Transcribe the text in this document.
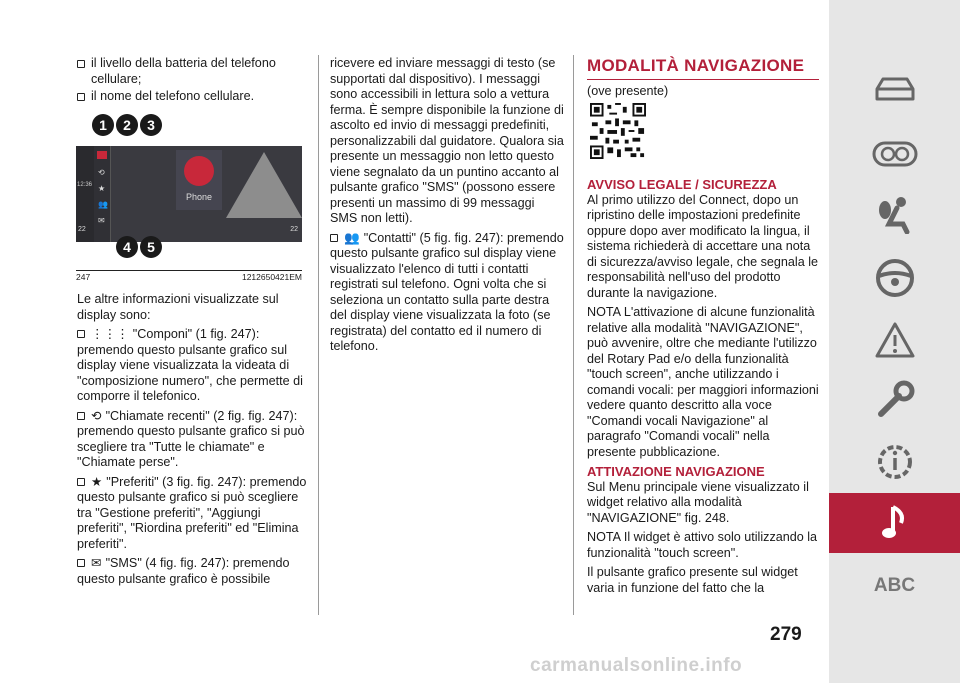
il livello della batteria del telefono cellulare;

il nome del telefono cellulare.

1	2	3
12:36
22
⟲
★
👥
✉
Phone
22
4	5
247	1212650421EM

Le altre informazioni visualizzate sul display sono:

⋮⋮⋮ "Componi" (1 fig. 247): premendo questo pulsante grafico sul display viene visualizzata la videata di "composizione numero", che permette di comporre il telefonico.

⟲ "Chiamate recenti" (2 fig. fig. 247): premendo questo pulsante grafico si può scegliere tra "Tutte le chiamate" e "Chiamate perse".

★ "Preferiti" (3 fig. fig. 247): premendo questo pulsante grafico si può scegliere tra "Gestione preferiti", "Aggiungi preferiti", "Riordina preferiti" ed "Elimina preferiti".

✉ "SMS" (4 fig. fig. 247): premendo questo pulsante grafico è possibile

ricevere ed inviare messaggi di testo (se supportati dal dispositivo). I messaggi sono accessibili in lettura solo a vettura ferma. È sempre disponibile la funzione di ascolto ed invio di messaggi predefiniti, personalizzabili dal guidatore. Qualora sia presente un messaggio non letto questo viene segnalato da un puntino accanto al pulsante grafico "SMS" (possono essere presenti un massimo di 99 messaggi SMS non letti).

👥 "Contatti" (5 fig. fig. 247): premendo questo pulsante grafico sul display viene visualizzato l'elenco di tutti i contatti registrati sul telefono. Ogni volta che si seleziona un contatto sulla parte destra del display viene visualizzata la foto (se registrata) del contatto ed il numero di telefono.

MODALITÀ NAVIGAZIONE

(ove presente)

AVVISO LEGALE / SICUREZZA

Al primo utilizzo del Connect, dopo un ripristino delle impostazioni predefinite oppure dopo aver modificato la lingua, il sistema richiederà di accettare una nota di sicurezza/avviso legale, che segnala le responsabilità nell'uso del prodotto durante la navigazione.

NOTA L'attivazione di alcune funzionalità relative alla modalità "NAVIGAZIONE", può avvenire, oltre che mediante l'utilizzo del Rotary Pad e/o della funzionalità "touch screen", anche utilizzando i comandi vocali: per maggiori informazioni vedere quanto descritto alla voce "Comandi vocali Navigazione" al paragrafo "Comandi vocali" nella presente pubblicazione.

ATTIVAZIONE NAVIGAZIONE

Sul Menu principale viene visualizzato il widget relativo alla modalità "NAVIGAZIONE" fig. 248.

NOTA Il widget è attivo solo utilizzando la funzionalità "touch screen".

Il pulsante grafico presente sul widget varia in funzione del fatto che la	ABC
279
carmanualsonline.info
